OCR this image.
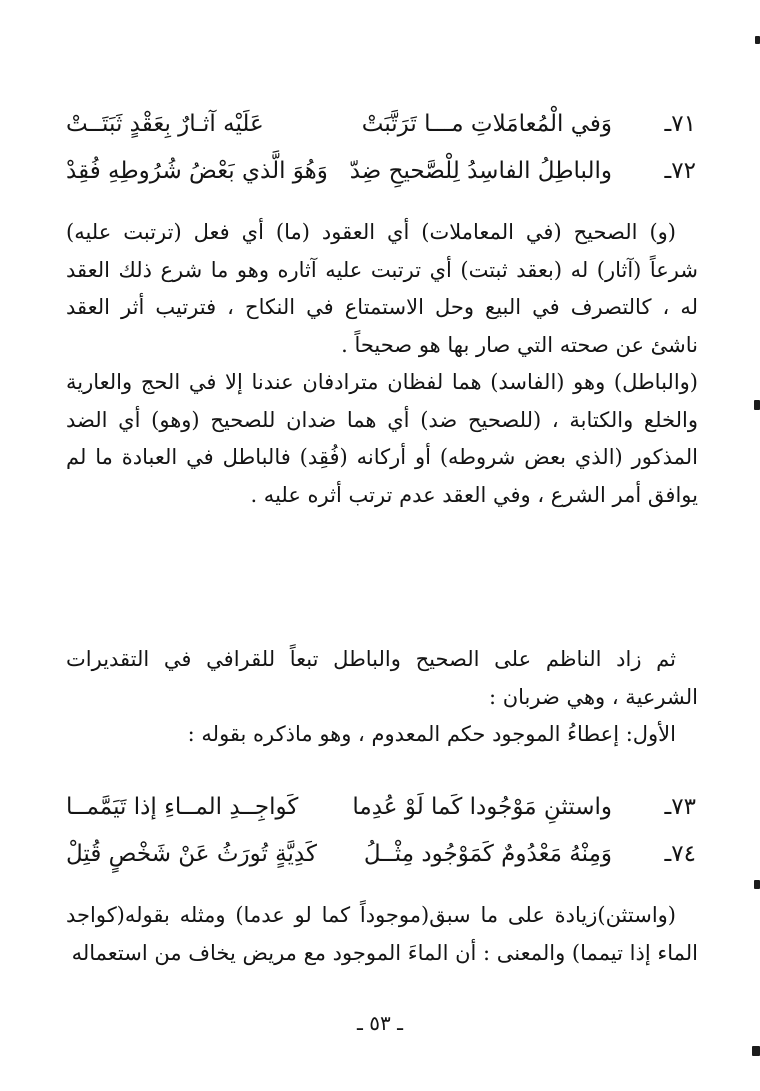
٧١ـ
وَفي الْمُعامَلاتِ مـــا تَرَتَّبَتْ
عَلَيْه آثـارٌ بِعَقْدٍ ثَبَتَــتْ
٧٢ـ
والباطِلُ الفاسِدُ لِلْصَّحيحِ ضِدّ
وَهُوَ الَّذي بَعْضُ شُرُوطِهِ فُقِدْ

(و) الصحيح (في المعاملات) أي العقود (ما) أي فعل (ترتبت عليه) شرعاً (آثار) له (بعقد ثبتت) أي ترتبت عليه آثاره وهو ما شرع ذلك العقد له ، كالتصرف في البيع وحل الاستمتاع في النكاح ، فترتيب أثر العقد ناشئ عن صحته التي صار بها هو صحيحاً .

(والباطل) وهو (الفاسد) هما لفظان مترادفان عندنا إلا في الحج والعارية والخلع والكتابة ، (للصحيح ضد) أي هما ضدان للصحيح (وهو) أي الضد المذكور (الذي بعض شروطه) أو أركانه (فُقِد) فالباطل في العبادة ما لم يوافق أمر الشرع ، وفي العقد عدم ترتب أثره عليه .

ثم زاد الناظم على الصحيح والباطل تبعاً للقرافي في التقديرات الشرعية ، وهي ضربان :

الأول: إعطاءُ الموجود حكم المعدوم ، وهو ماذكره بقوله :

٧٣ـ
واستثنِ مَوْجُودا كَما لَوْ عُدِما
كَواجِــدِ المــاءِ إذا تَيَمَّمــا
٧٤ـ
وَمِنْهُ مَعْدُومٌ كَمَوْجُود مِثْــلُ
كَدِيَّةٍ تُورَثُ عَنْ شَخْصٍ قُتِلْ

(واستثن)زيادة على ما سبق(موجوداً كما لو عدما) ومثله بقوله(كواجد الماء إذا تيمما) والمعنى : أن الماءَ الموجود مع مريض يخاف من استعماله

ـ ٥٣ ـ
